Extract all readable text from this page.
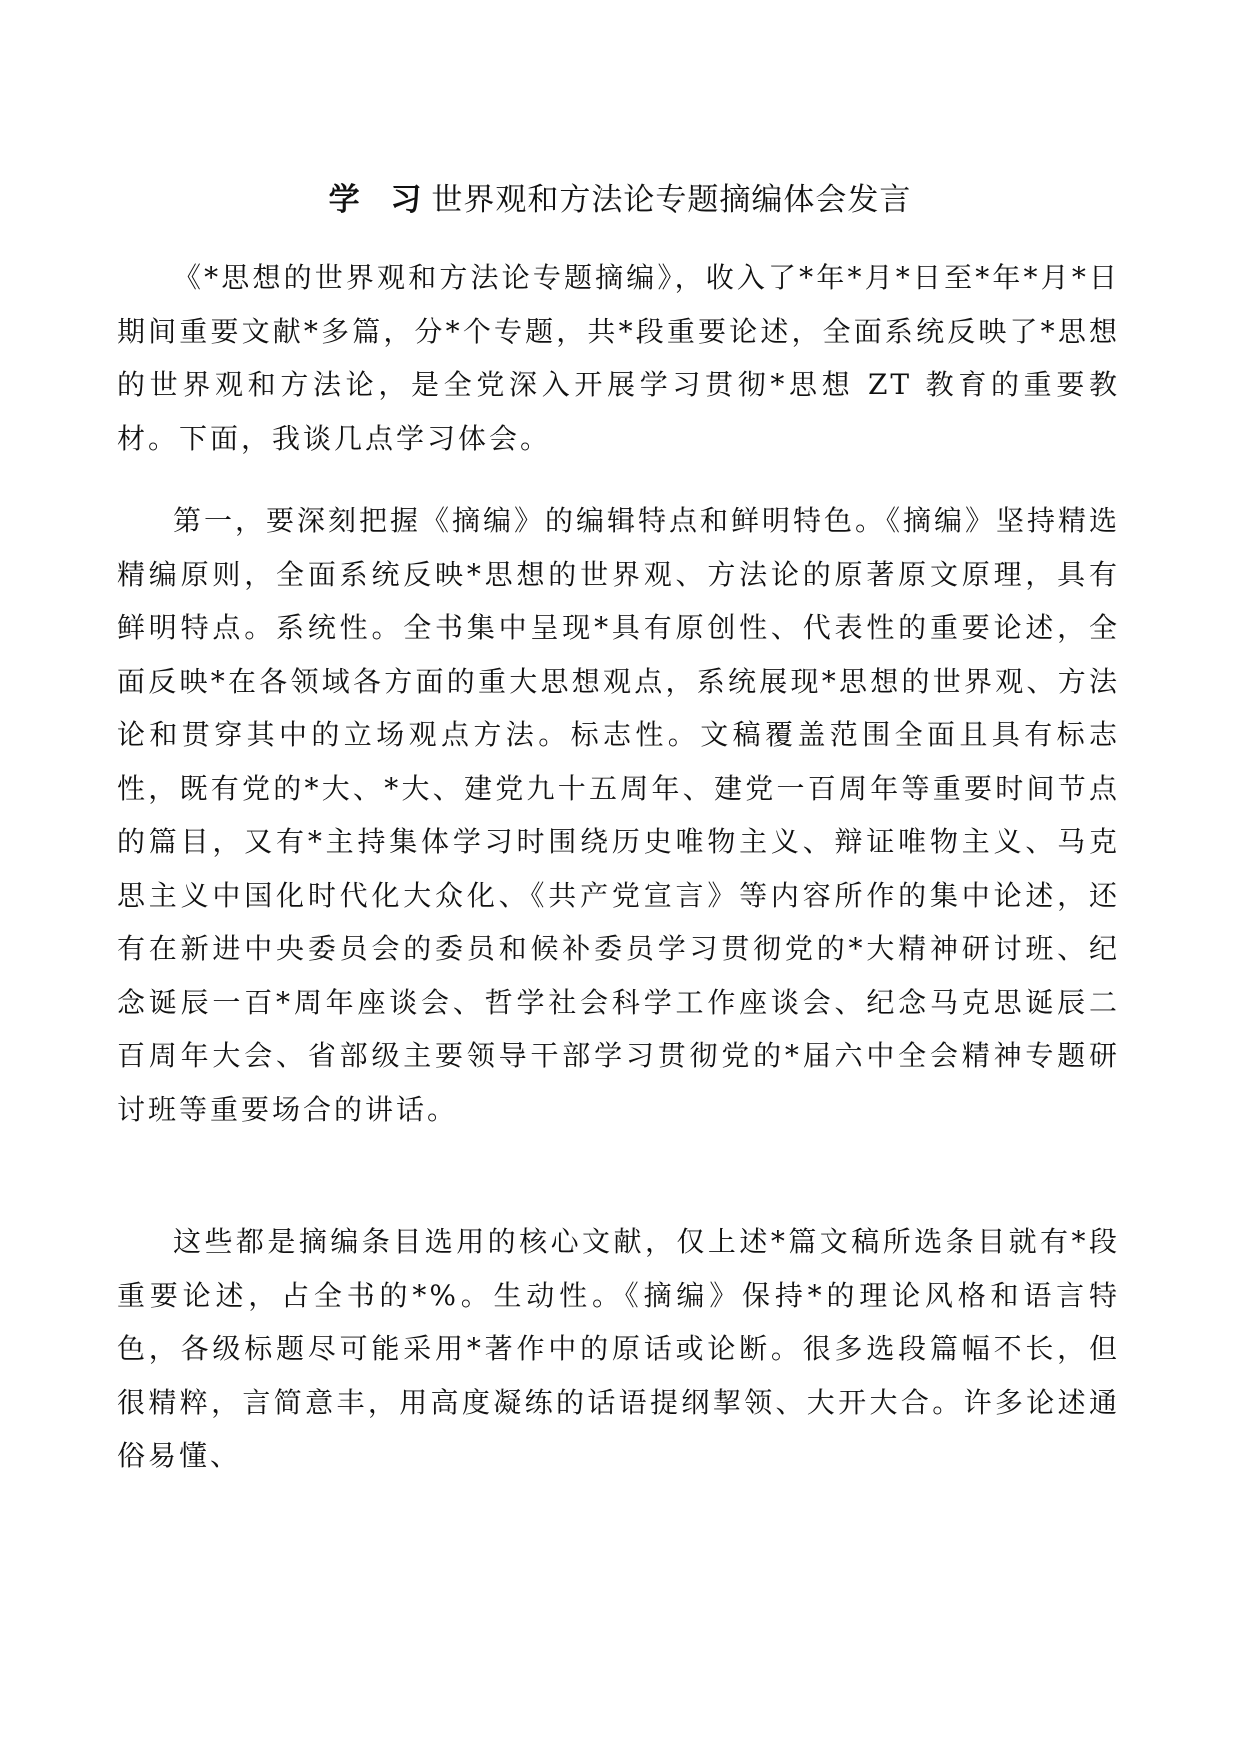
学 习世界观和方法论专题摘编体会发言

《*思想的世界观和方法论专题摘编》，收入了*年*月*日至*年*月*日期间重要文献*多篇，分*个专题，共*段重要论述，全面系统反映了*思想的世界观和方法论，是全党深入开展学习贯彻*思想 ZT 教育的重要教材。下面，我谈几点学习体会。

第一，要深刻把握《摘编》的编辑特点和鲜明特色。《摘编》坚持精选精编原则，全面系统反映*思想的世界观、方法论的原著原文原理，具有鲜明特点。系统性。全书集中呈现*具有原创性、代表性的重要论述，全面反映*在各领域各方面的重大思想观点，系统展现*思想的世界观、方法论和贯穿其中的立场观点方法。标志性。文稿覆盖范围全面且具有标志性，既有党的*大、*大、建党九十五周年、建党一百周年等重要时间节点的篇目，又有*主持集体学习时围绕历史唯物主义、辩证唯物主义、马克思主义中国化时代化大众化、《共产党宣言》等内容所作的集中论述，还有在新进中央委员会的委员和候补委员学习贯彻党的*大精神研讨班、纪念诞辰一百*周年座谈会、哲学社会科学工作座谈会、纪念马克思诞辰二百周年大会、省部级主要领导干部学习贯彻党的*届六中全会精神专题研讨班等重要场合的讲话。

这些都是摘编条目选用的核心文献，仅上述*篇文稿所选条目就有*段重要论述，占全书的*%。生动性。《摘编》保持*的理论风格和语言特色，各级标题尽可能采用*著作中的原话或论断。很多选段篇幅不长，但很精粹，言简意丰，用高度凝练的话语提纲挈领、大开大合。许多论述通俗易懂、
